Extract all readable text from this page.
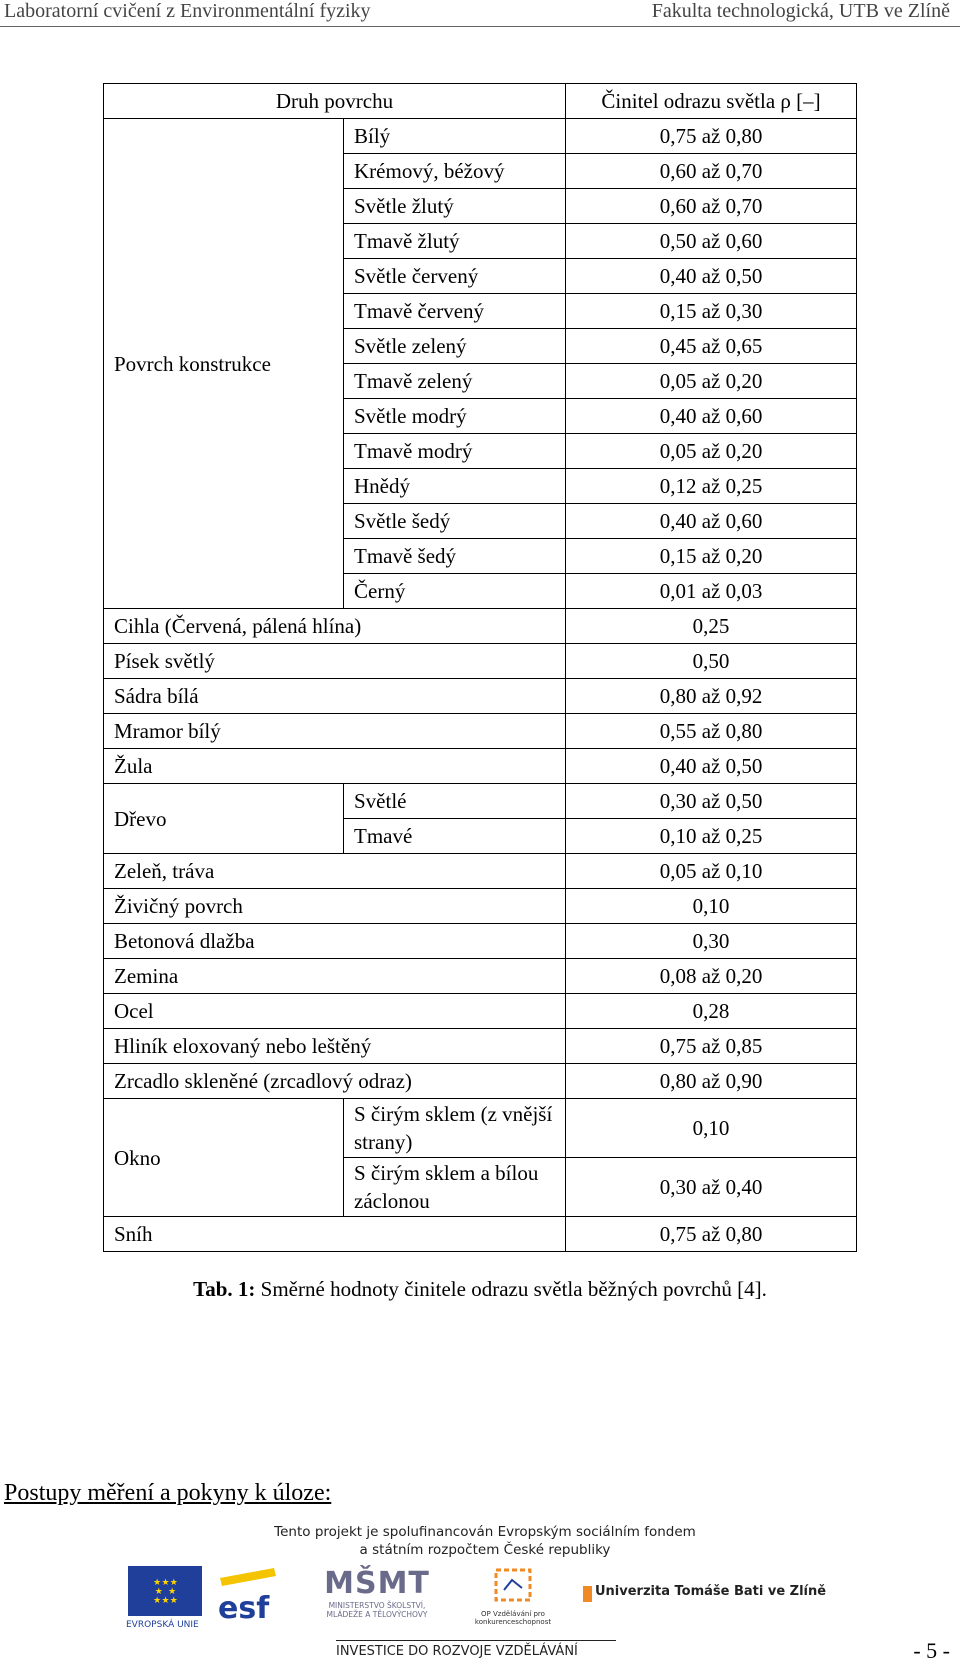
Laboratorní cvičení z Environmentální fyziky	Fakulta technologická, UTB ve Zlíně
Druh povrchu		Činitel odrazu světla ρ [–]
Povrch konstrukce	Bílý	0,75 až 0,80
	Krémový, béžový	0,60 až 0,70
	Světle žlutý	0,60 až 0,70
	Tmavě žlutý	0,50 až 0,60
	Světle červený	0,40 až 0,50
	Tmavě červený	0,15 až 0,30
	Světle zelený	0,45 až 0,65
	Tmavě zelený	0,05 až 0,20
	Světle modrý	0,40 až 0,60
	Tmavě modrý	0,05 až 0,20
	Hnědý	0,12 až 0,25
	Světle šedý	0,40 až 0,60
	Tmavě šedý	0,15 až 0,20
	Černý	0,01 až 0,03
Cihla (Červená, pálená hlína)		0,25
Písek světlý		0,50
Sádra bílá		0,80 až 0,92
Mramor bílý		0,55 až 0,80
Žula		0,40 až 0,50
Dřevo	Světlé	0,30 až 0,50
	Tmavé	0,10 až 0,25
Zeleň, tráva		0,05 až 0,10
Živičný povrch		0,10
Betonová dlažba		0,30
Zemina		0,08 až 0,20
Ocel		0,28
Hliník eloxovaný nebo leštěný		0,75 až 0,85
Zrcadlo skleněné (zrcadlový odraz)		0,80 až 0,90
Okno	S čirým sklem (z vnější strany)	0,10
	S čirým sklem a bílou záclonou	0,30 až 0,40
Sníh		0,75 až 0,80
Tab. 1: Směrné hodnoty činitele odrazu světla běžných povrchů [4].
Postupy měření a pokyny k úloze:
Tento projekt je spolufinancován Evropským sociálním fondem
a státním rozpočtem České republiky
★ ★ ★
★     ★
★ ★ ★
EVROPSKÁ UNIE esf
MŠMT
MINISTERSTVO ŠKOLSTVÍ, MLÁDEŽE A TĚLOVÝCHOVY	OP Vzdělávání pro konkurenceschopnost
Univerzita Tomáše Bati ve Zlíně
INVESTICE DO ROZVOJE VZDĚLÁVÁNÍ	- 5 -
